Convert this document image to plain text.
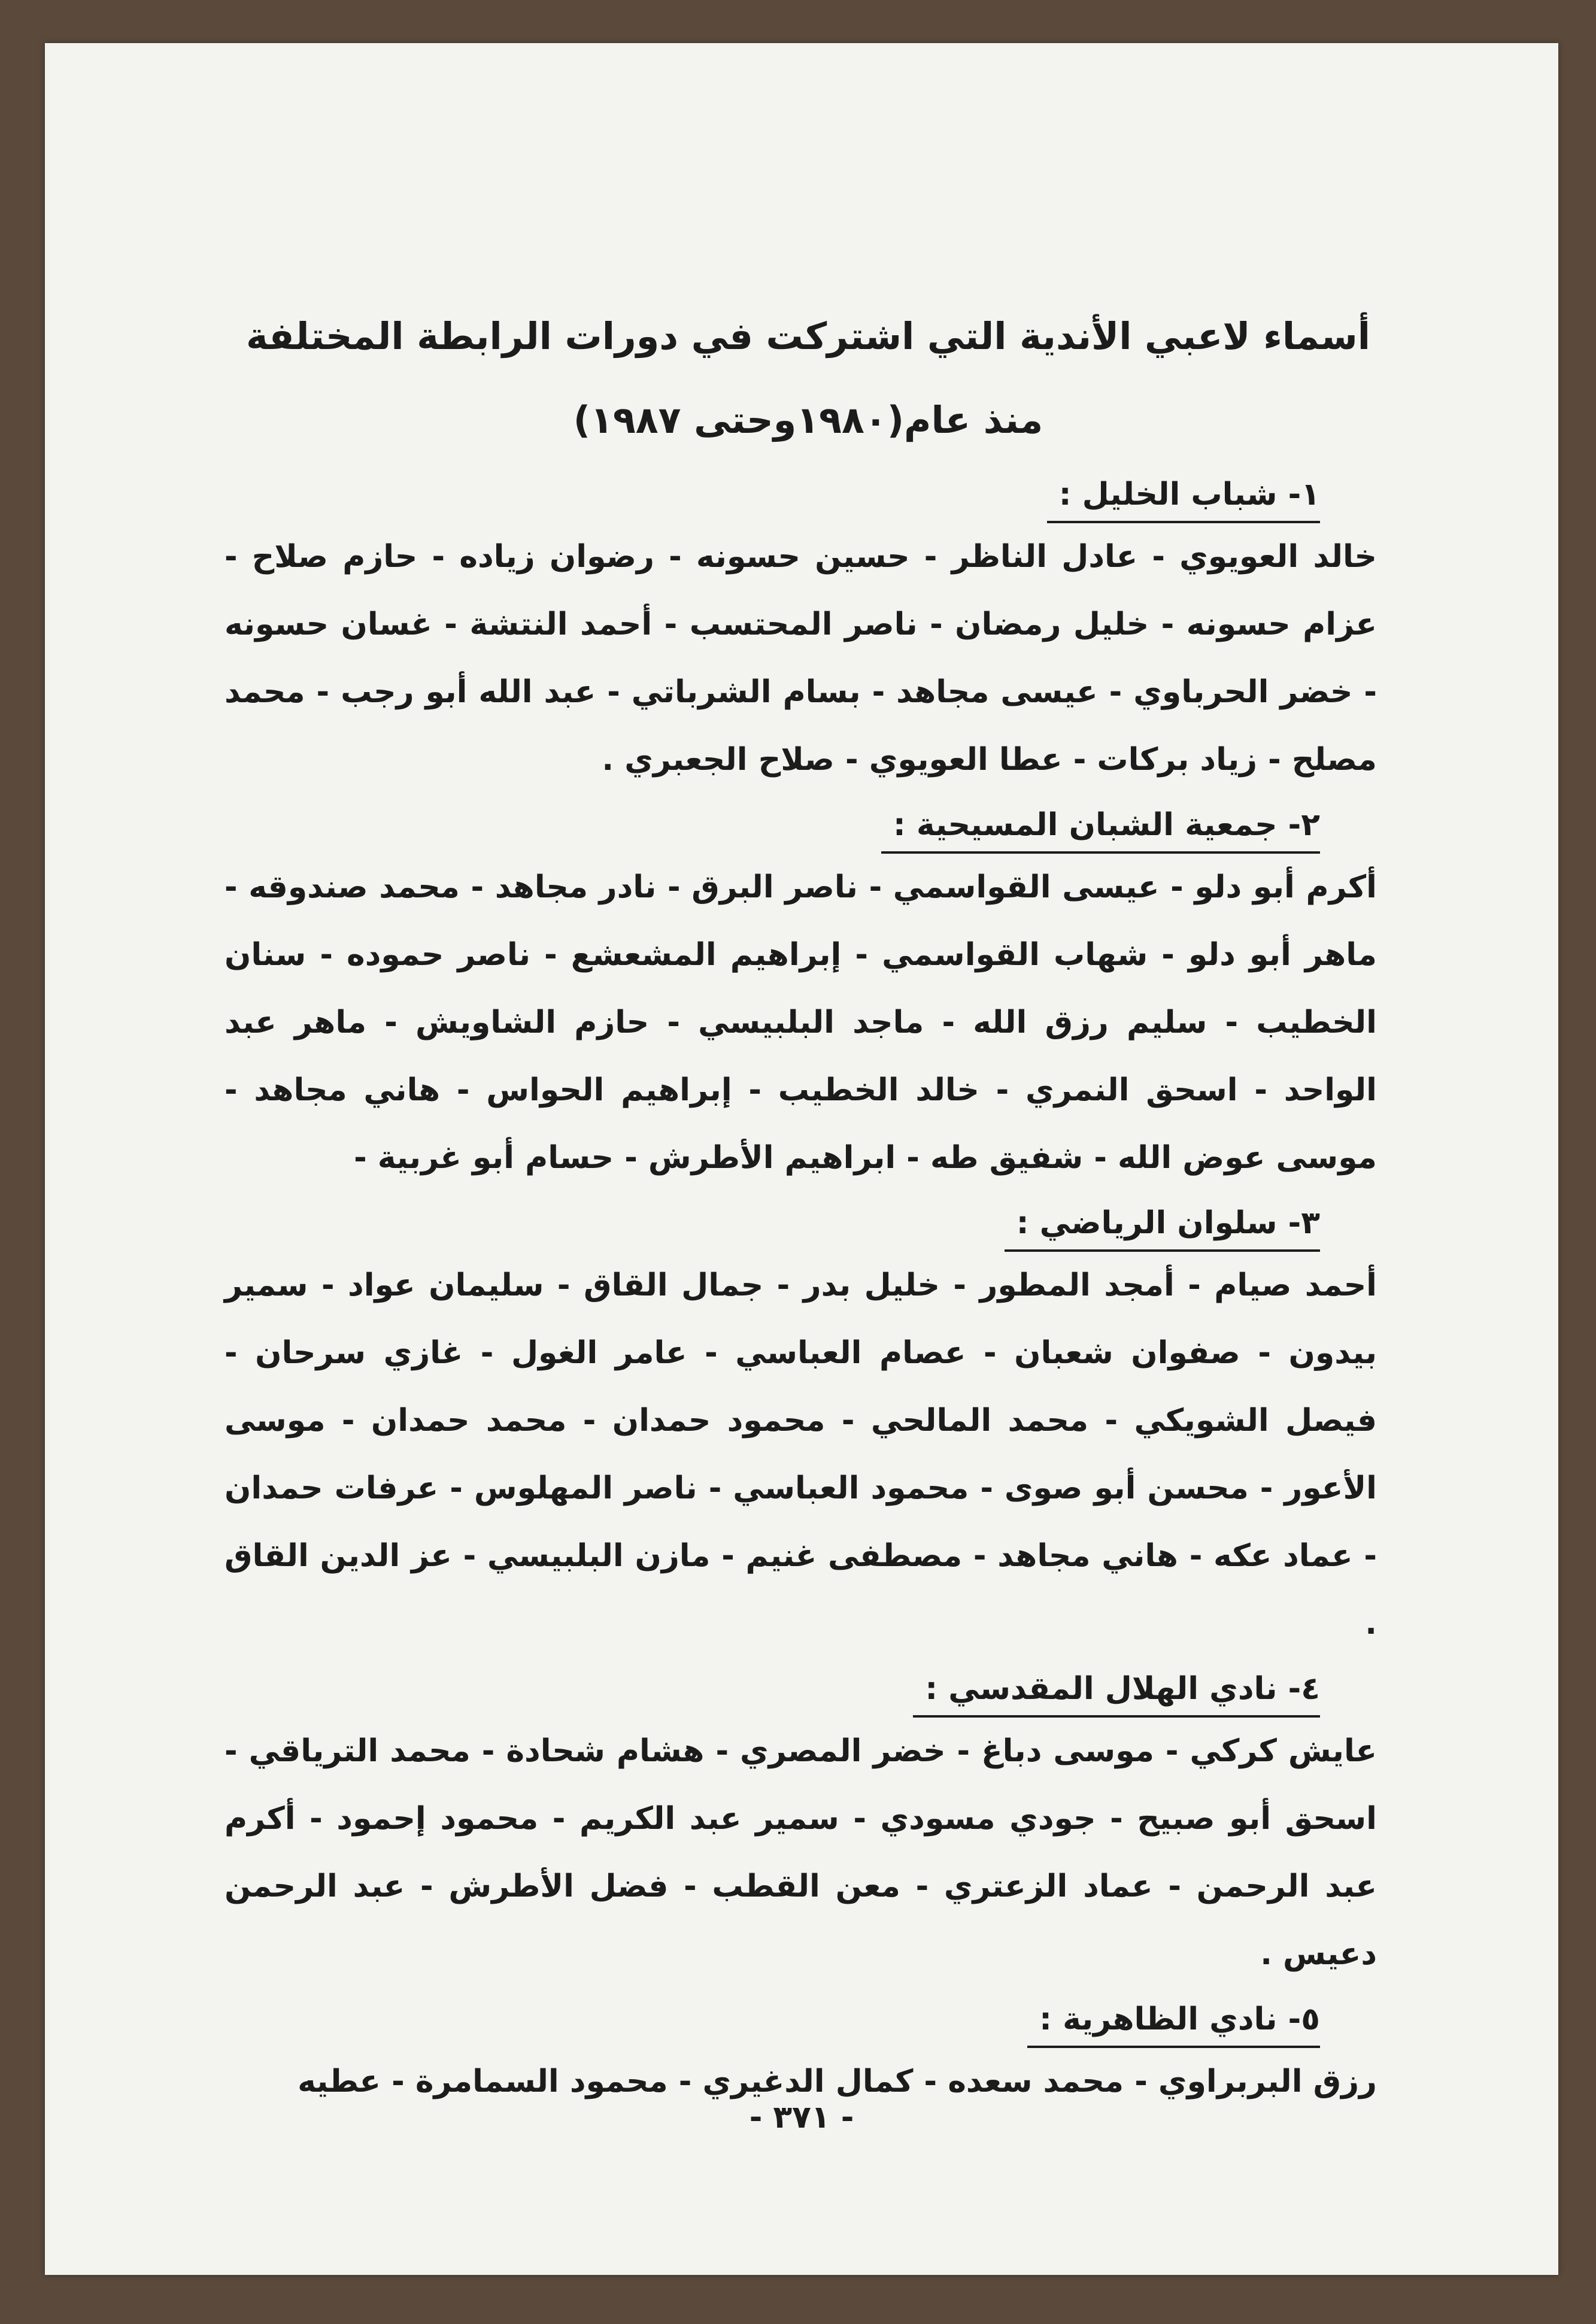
أسماء لاعبي الأندية التي اشتركت في دورات الرابطة المختلفة
منذ عام(١٩٨٠وحتى ١٩٨٧)
١- شباب الخليل :
خالد العويوي - عادل الناظر - حسين حسونه - رضوان زياده - حازم صلاح - عزام حسونه - خليل رمضان - ناصر المحتسب - أحمد النتشة - غسان حسونه - خضر الحرباوي - عيسى مجاهد - بسام الشرباتي - عبد الله أبو رجب - محمد مصلح - زياد بركات - عطا العويوي - صلاح الجعبري .
٢- جمعية الشبان المسيحية :
أكرم أبو دلو - عيسى القواسمي - ناصر البرق - نادر مجاهد - محمد صندوقه - ماهر أبو دلو - شهاب القواسمي - إبراهيم المشعشع - ناصر حموده - سنان الخطيب - سليم رزق الله - ماجد البلبيسي - حازم الشاويش - ماهر عبد الواحد - اسحق النمري - خالد الخطيب - إبراهيم الحواس - هاني مجاهد - موسى عوض الله - شفيق طه - ابراهيم الأطرش - حسام أبو غربية -
٣- سلوان الرياضي :
أحمد صيام - أمجد المطور - خليل بدر - جمال القاق - سليمان عواد - سمير بيدون - صفوان شعبان - عصام العباسي - عامر الغول - غازي سرحان - فيصل الشويكي - محمد المالحي - محمود حمدان - محمد حمدان - موسى الأعور - محسن أبو صوى - محمود العباسي - ناصر المهلوس - عرفات حمدان - عماد عكه - هاني مجاهد - مصطفى غنيم - مازن البلبيسي - عز الدين القاق .
٤- نادي الهلال المقدسي :
عايش كركي - موسى دباغ - خضر المصري - هشام شحادة - محمد الترياقي - اسحق أبو صبيح - جودي مسودي - سمير عبد الكريم - محمود إحمود - أكرم عبد الرحمن - عماد الزعتري - معن القطب - فضل الأطرش - عبد الرحمن دعيس .
٥- نادي الظاهرية :
رزق البربراوي - محمد سعده - كمال الدغيري - محمود السمامرة - عطيه
- ٣٧١ -
